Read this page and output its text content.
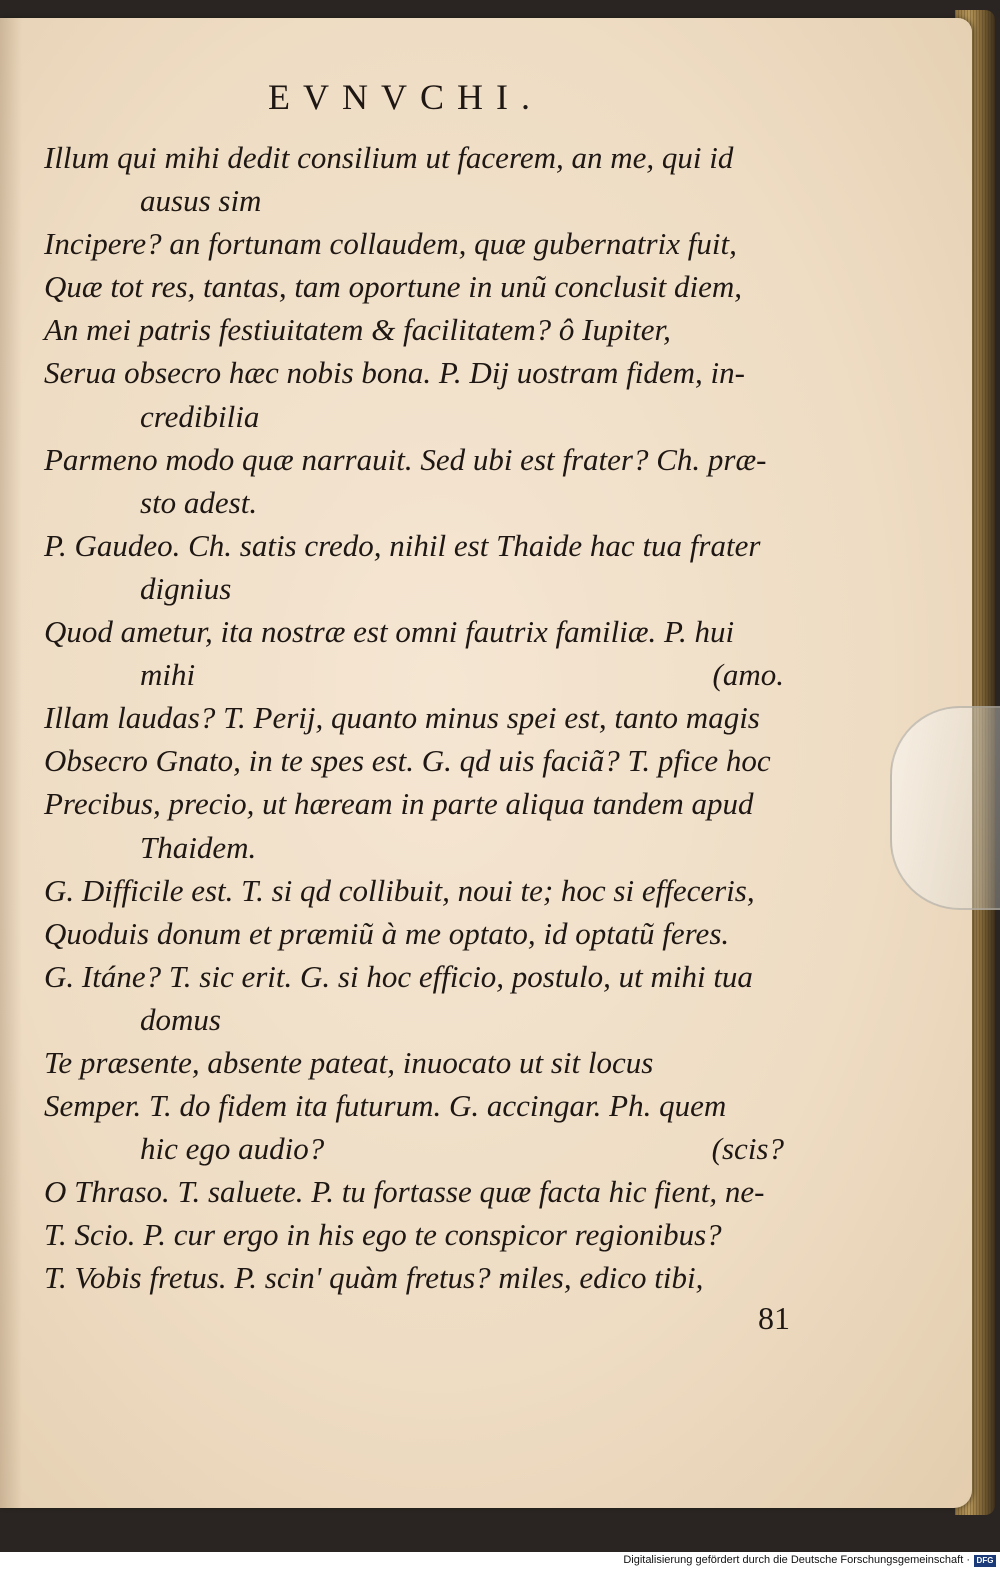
EVNVCHI.
Illum qui mihi dedit consilium ut facerem, an me, qui id
ausus sim
Incipere? an fortunam collaudem, quæ gubernatrix fuit,
Quæ tot res, tantas, tam oportune in unũ conclusit diem,
An mei patris festiuitatem & facilitatem? ô Iupiter,
Serua obsecro hæc nobis bona. P. Dij uostram fidem, in-
credibilia
Parmeno modo quæ narrauit. Sed ubi est frater? Ch. præ-
sto adest.
P. Gaudeo. Ch. satis credo, nihil est Thaide hac tua frater
dignius
Quod ametur, ita nostræ est omni fautrix familiæ. P. hui
mihi	(amo.
Illam laudas? T. Perij, quanto minus spei est, tanto magis
Obsecro Gnato, in te spes est. G. qd uis faciã? T. pfice hoc
Precibus, precio, ut hæream in parte aliqua tandem apud
Thaidem.
G. Difficile est. T. si qd collibuit, noui te; hoc si effeceris,
Quoduis donum et præmiũ à me optato, id optatũ feres.
G. Itáne? T. sic erit. G. si hoc efficio, postulo, ut mihi tua
domus
Te præsente, absente pateat, inuocato ut sit locus
Semper. T. do fidem ita futurum. G. accingar. Ph. quem
hic ego audio?	(scis?
O Thraso. T. saluete. P. tu fortasse quæ facta hic fient, ne-
T. Scio. P. cur ergo in his ego te conspicor regionibus?
T. Vobis fretus. P. scin' quàm fretus? miles, edico tibi,
81
Digitalisierung gefördert durch die Deutsche Forschungsgemeinschaft · DFG
